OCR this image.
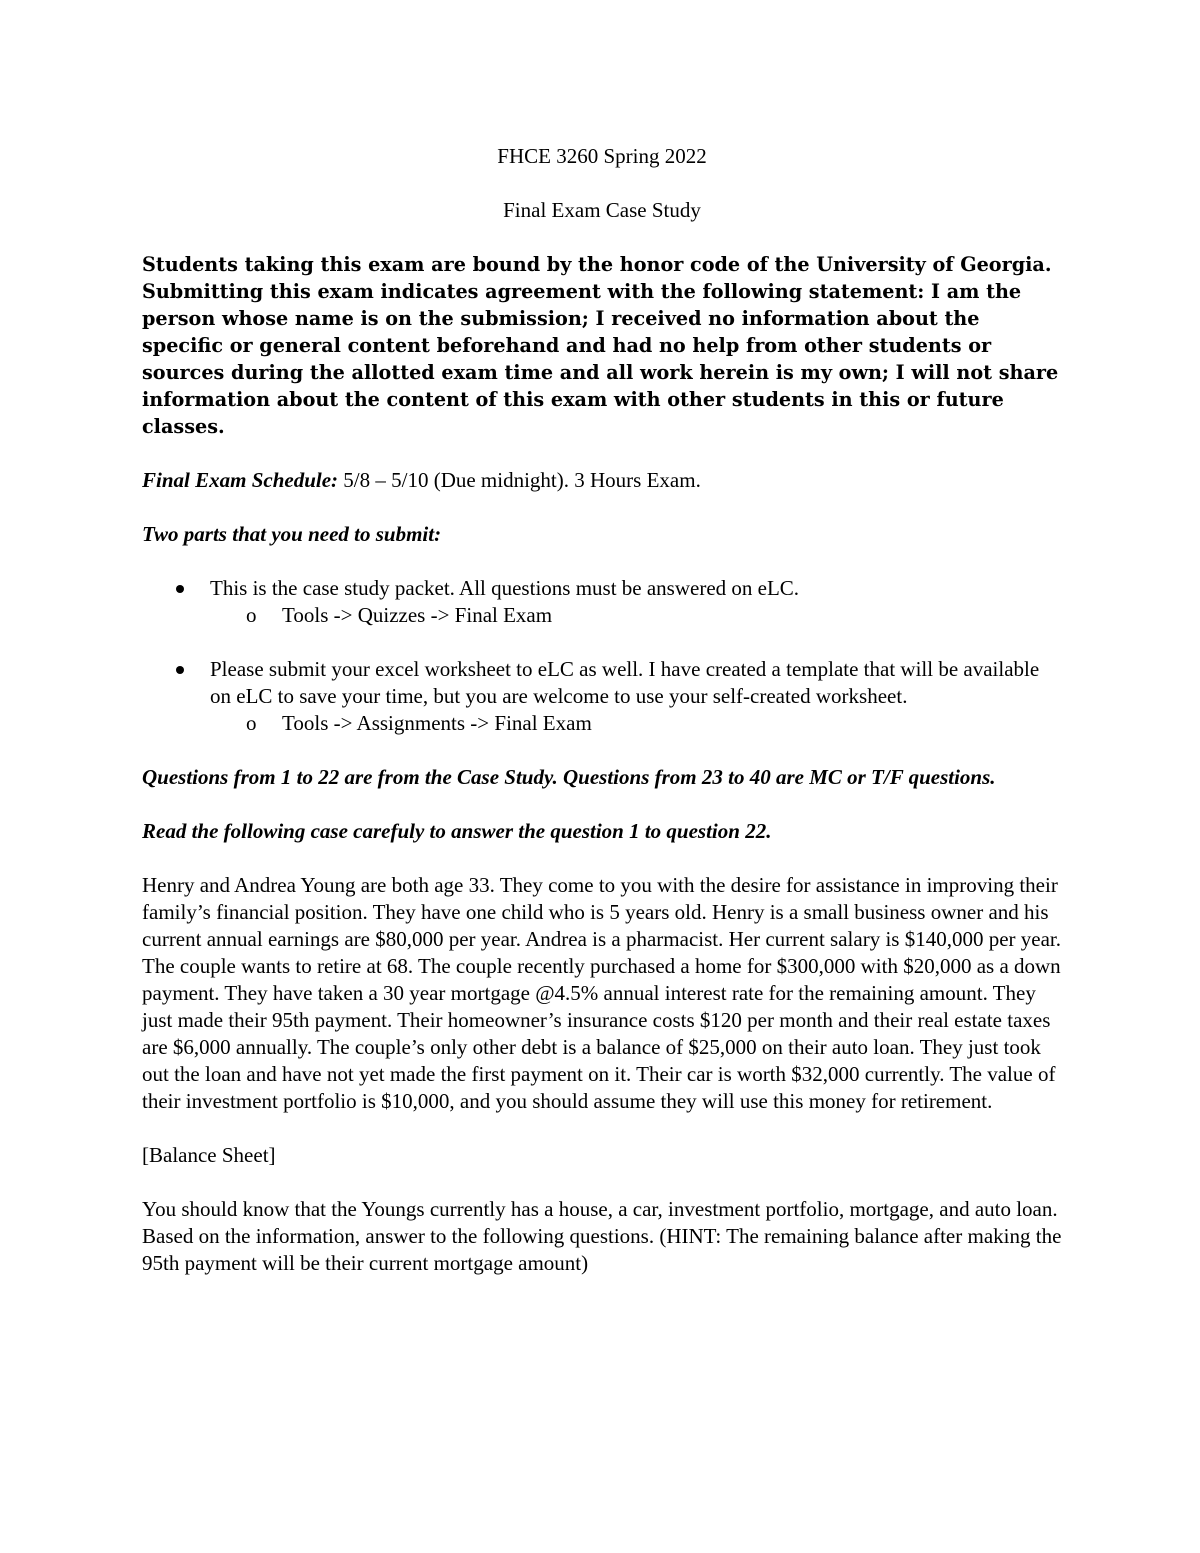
FHCE 3260 Spring 2022

Final Exam Case Study

Students taking this exam are bound by the honor code of the University of Georgia. Submitting this exam indicates agreement with the following statement: I am the person whose name is on the submission; I received no information about the specific or general content beforehand and had no help from other students or sources during the allotted exam time and all work herein is my own; I will not share information about the content of this exam with other students in this or future classes.

Final Exam Schedule: 5/8 – 5/10 (Due midnight). 3 Hours Exam.

Two parts that you need to submit:

This is the case study packet. All questions must be answered on eLC.
o Tools -> Quizzes -> Final Exam
Please submit your excel worksheet to eLC as well. I have created a template that will be available on eLC to save your time, but you are welcome to use your self-created worksheet.
o Tools -> Assignments -> Final Exam

Questions from 1 to 22 are from the Case Study. Questions from 23 to 40 are MC or T/F questions.

Read the following case carefuly to answer the question 1 to question 22.

Henry and Andrea Young are both age 33. They come to you with the desire for assistance in improving their family’s financial position. They have one child who is 5 years old. Henry is a small business owner and his current annual earnings are $80,000 per year. Andrea is a pharmacist. Her current salary is $140,000 per year. The couple wants to retire at 68. The couple recently purchased a home for $300,000 with $20,000 as a down payment. They have taken a 30 year mortgage @4.5% annual interest rate for the remaining amount. They just made their 95th payment. Their homeowner’s insurance costs $120 per month and their real estate taxes are $6,000 annually. The couple’s only other debt is a balance of $25,000 on their auto loan. They just took out the loan and have not yet made the first payment on it. Their car is worth $32,000 currently. The value of their investment portfolio is $10,000, and you should assume they will use this money for retirement.

[Balance Sheet]

You should know that the Youngs currently has a house, a car, investment portfolio, mortgage, and auto loan. Based on the information, answer to the following questions. (HINT: The remaining balance after making the 95th payment will be their current mortgage amount)
